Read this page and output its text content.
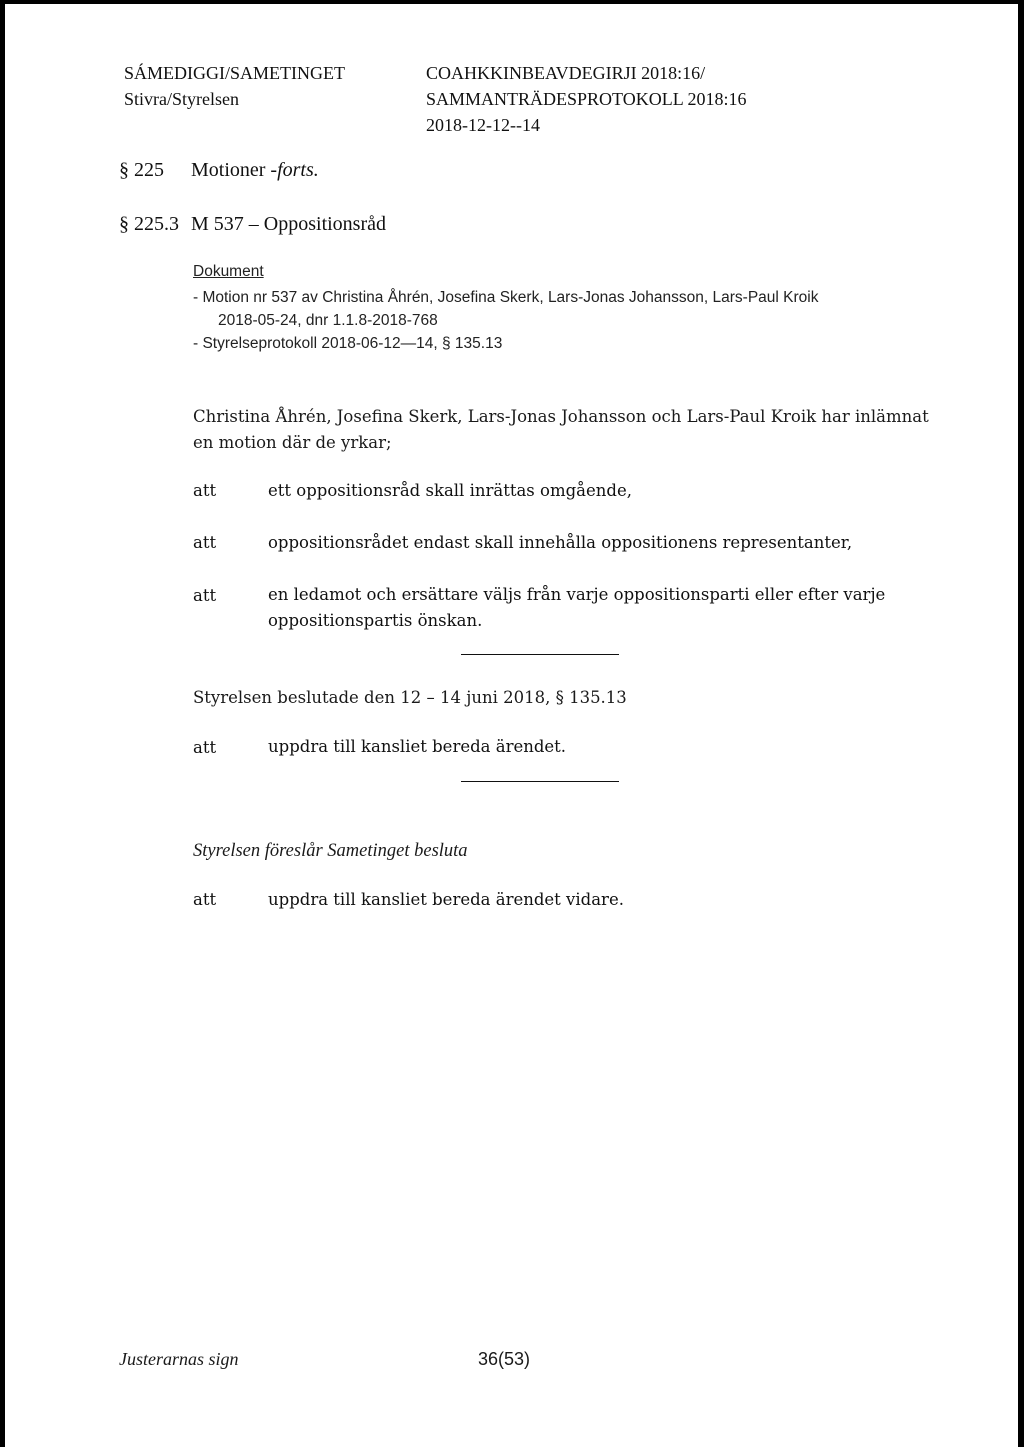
SÁMEDIGGI/SAMETINGET
Stivra/Styrelsen
COAHKKINBEAVDEGIRJI 2018:16/
SAMMANTRÄDESPROTOKOLL 2018:16
2018-12-12--14
§ 225 Motioner -forts.
§ 225.3 M 537 – Oppositionsråd
Dokument
- Motion nr 537 av Christina Åhrén, Josefina Skerk, Lars-Jonas Johansson, Lars-Paul Kroik
2018-05-24, dnr 1.1.8-2018-768
- Styrelseprotokoll 2018-06-12—14, § 135.13
Christina Åhrén, Josefina Skerk, Lars-Jonas Johansson och Lars-Paul Kroik har inlämnat
en motion där de yrkar;
att	ett oppositionsråd skall inrättas omgående,
att	oppositionsrådet endast skall innehålla oppositionens representanter,
att	en ledamot och ersättare väljs från varje oppositionsparti eller efter varje oppositionspartis önskan.
Styrelsen beslutade den 12 – 14 juni 2018, § 135.13
att	uppdra till kansliet bereda ärendet.
Styrelsen föreslår Sametinget besluta
att	uppdra till kansliet bereda ärendet vidare.
Justerarnas sign	36(53)
